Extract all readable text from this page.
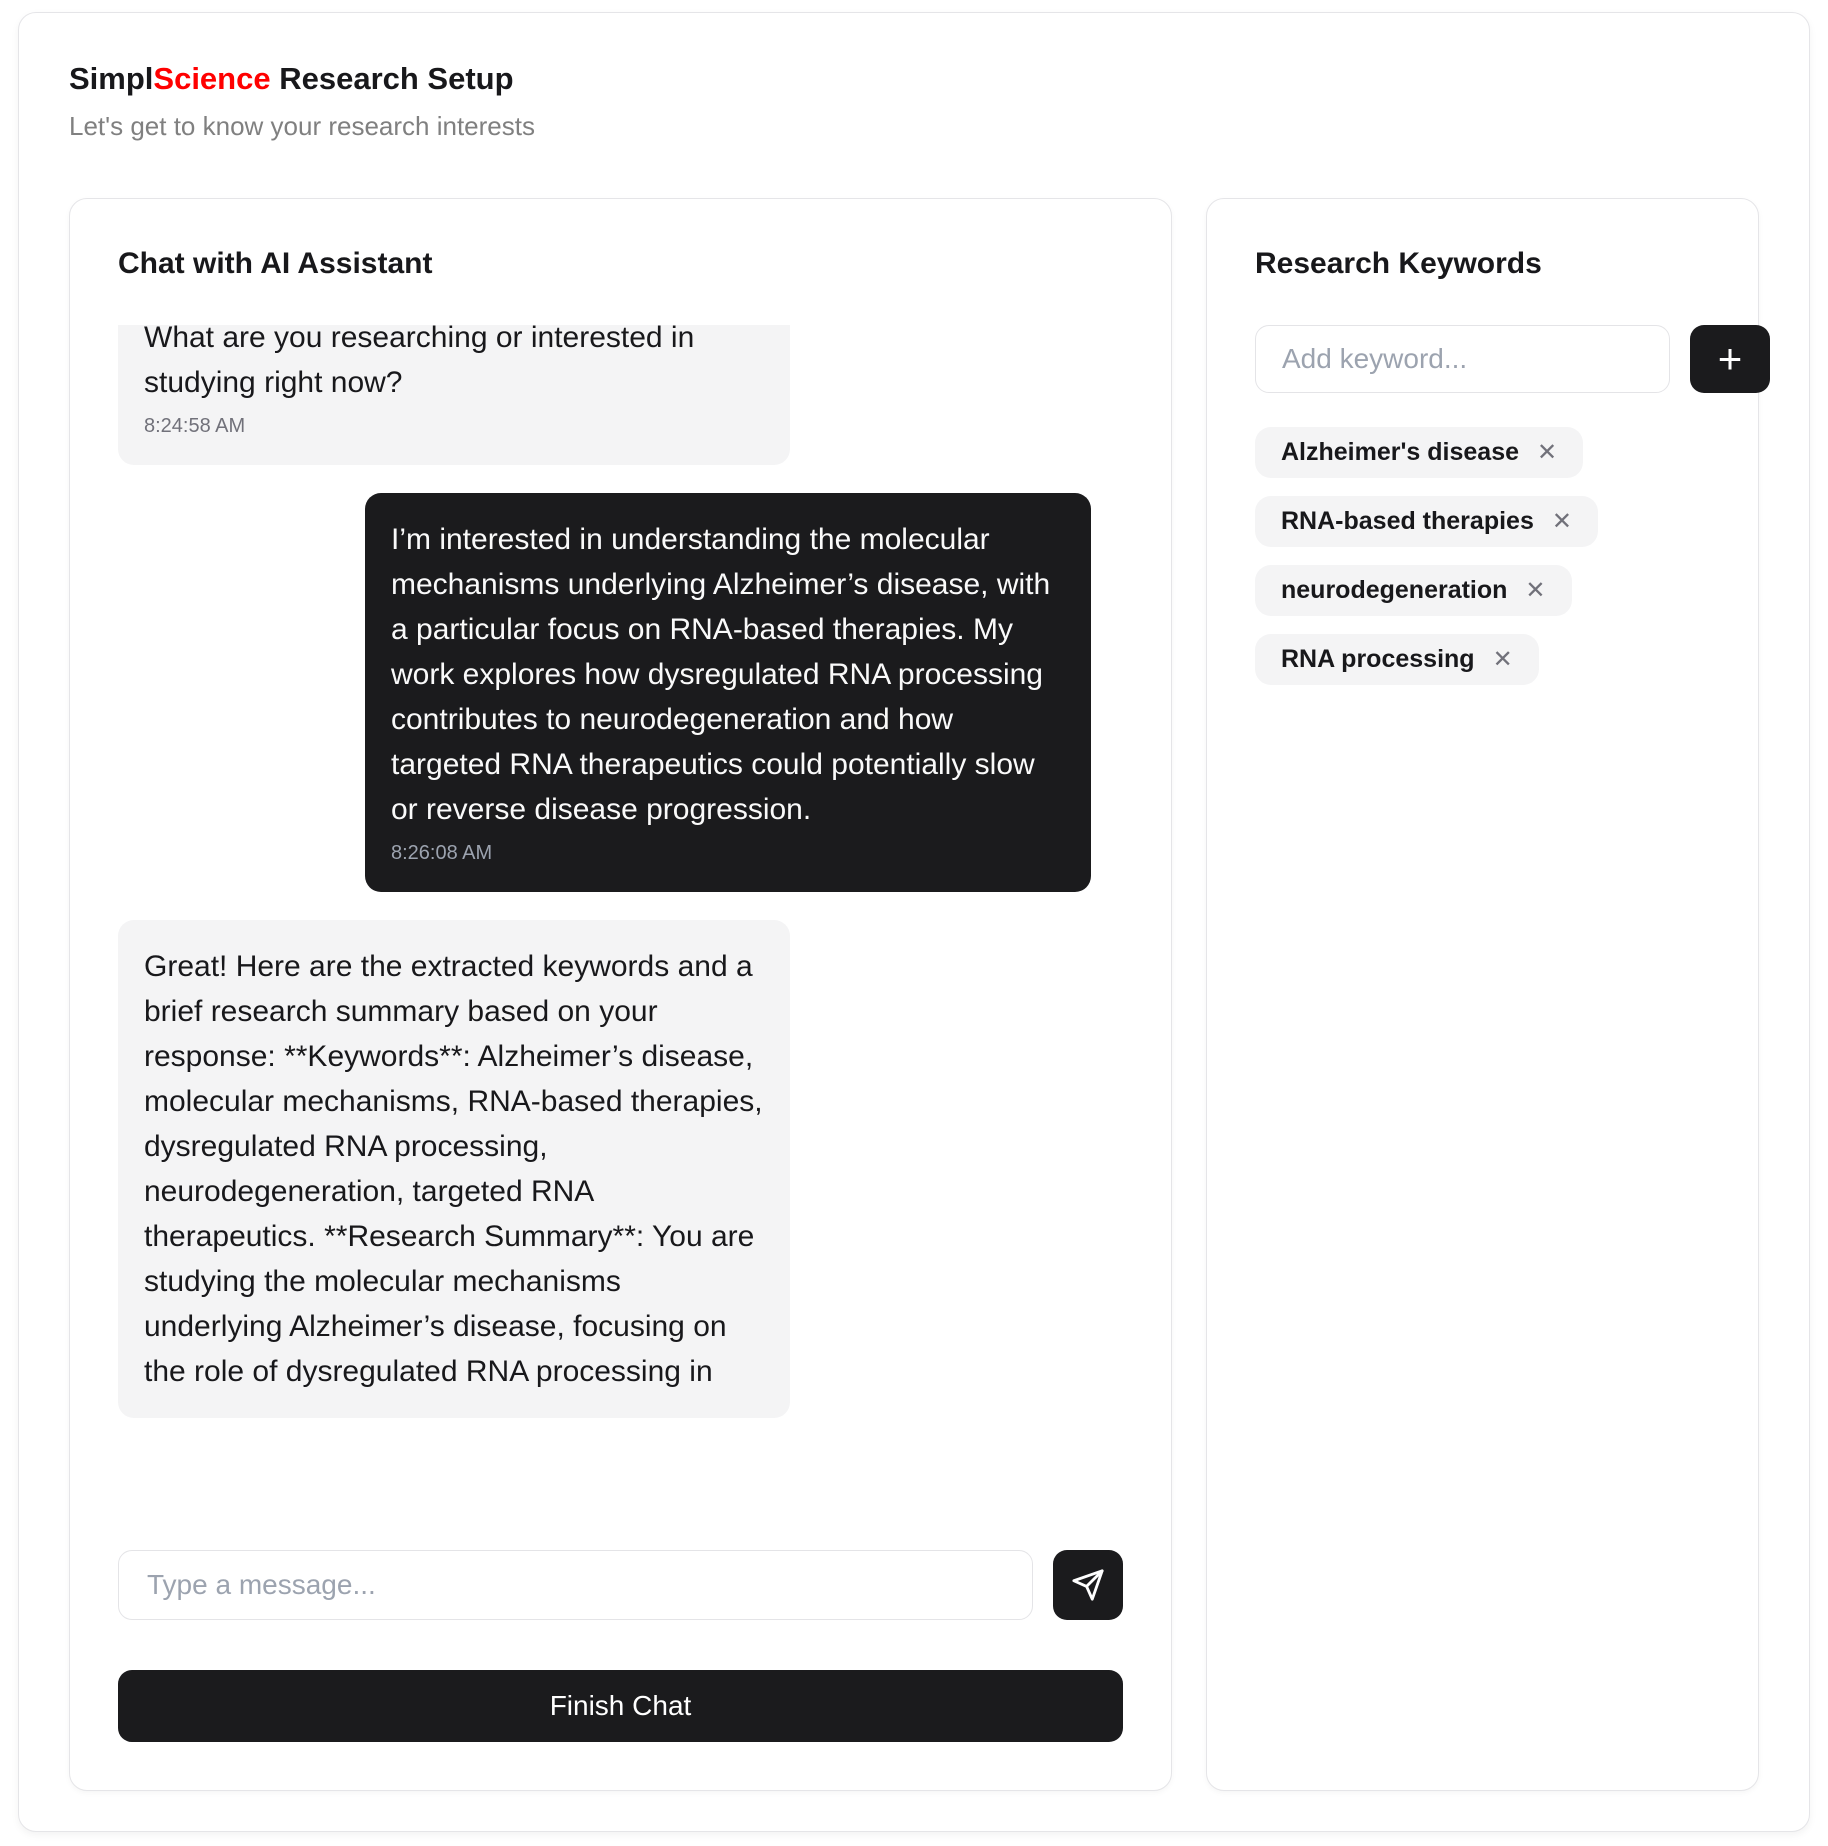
SimplScience Research Setup

Let's get to know your research interests

Chat with AI Assistant
What are you researching or interested in studying right now?
8:24:58 AM
I’m interested in understanding the molecular mechanisms underlying Alzheimer’s disease, with a particular focus on RNA-based therapies. My work explores how dysregulated RNA processing contributes to neurodegeneration and how targeted RNA therapeutics could potentially slow or reverse disease progression.
8:26:08 AM
Great! Here are the extracted keywords and a brief research summary based on your response: **Keywords**: Alzheimer’s disease, molecular mechanisms, RNA-based therapies, dysregulated RNA processing, neurodegeneration, targeted RNA therapeutics. **Research Summary**: You are studying the molecular mechanisms underlying Alzheimer’s disease, focusing on the role of dysregulated RNA processing in
Type a message...
Finish Chat
Research Keywords
Add keyword...
+
Alzheimer's disease ✕
RNA-based therapies ✕
neurodegeneration ✕
RNA processing ✕
